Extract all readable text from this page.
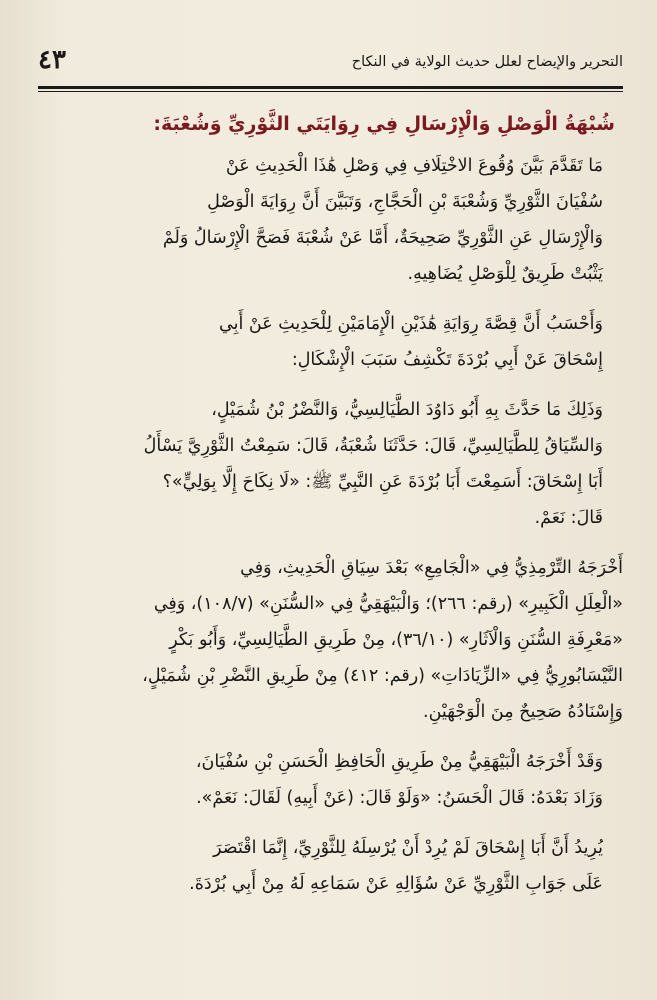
٤٣	التحرير والإيضاح لعلل حديث الولاية في النكاح
شُبْهَةُ الْوَصْلِ وَالْإِرْسَالِ فِي رِوَايَتَي الثَّوْرِيِّ وَشُعْبَةَ:

مَا تَقَدَّمَ بَيَّنَ وُقُوعَ الاخْتِلَافِ فِي وَصْلِ هَٰذَا الْحَدِيثِ عَنْ
سُفْيَانَ الثَّوْرِيِّ وَشُعْبَةَ بْنِ الْحَجَّاجِ، وَتَبَيَّنَ أَنَّ رِوَايَةَ الْوَصْلِ
وَالْإِرْسَالِ عَنِ الثَّوْرِيِّ صَحِيحَةٌ، أَمَّا عَنْ شُعْبَةَ فَصَحَّ الْإِرْسَالُ وَلَمْ
يَثْبُتْ طَرِيقٌ لِلْوَصْلِ يُضَاهِيهِ.

وَأَحْسَبُ أَنَّ قِصَّةَ رِوَايَةِ هَٰذَيْنِ الْإِمَامَيْنِ لِلْحَدِيثِ عَنْ أَبِي
إِسْحَاقَ عَنْ أَبِي بُرْدَةَ تَكْشِفُ سَبَبَ الْإِشْكَالِ:

وَذَلِكَ مَا حَدَّثَ بِهِ أَبُو دَاوُدَ الطَّيَالِسِيُّ، وَالنَّضْرُ بْنُ شُمَيْلٍ،
وَالسِّيَاقُ لِلطَّيَالِسِيِّ، قَالَ: حَدَّثَنَا شُعْبَةُ، قَالَ: سَمِعْتُ الثَّوْرِيَّ يَسْأَلُ
أَبَا إِسْحَاقَ: أَسَمِعْتَ أَبَا بُرْدَةَ عَنِ النَّبِيِّ ﷺ: «لَا نِكَاحَ إِلَّا بِوَلِيٍّ»؟
قَالَ: نَعَمْ.

أَخْرَجَهُ التِّرْمِذِيُّ فِي «الْجَامِعِ» بَعْدَ سِيَاقِ الْحَدِيثِ، وَفِي
«الْعِلَلِ الْكَبِيرِ» (رقم: ٢٦٦)؛ وَالْبَيْهَقِيُّ فِي «السُّنَنِ» (١٠٨/٧)، وَفِي
«مَعْرِفَةِ السُّنَنِ وَالْآثَارِ» (٣٦/١٠)، مِنْ طَرِيقِ الطَّيَالِسِيِّ، وَأَبُو بَكْرٍ
النَّيْسَابُورِيُّ فِي «الزِّيَادَاتِ» (رقم: ٤١٢) مِنْ طَرِيقِ النَّضْرِ بْنِ شُمَيْلٍ،
وَإِسْنَادُهُ صَحِيحٌ مِنَ الْوَجْهَيْنِ.

وَقَدْ أَخْرَجَهُ الْبَيْهَقِيُّ مِنْ طَرِيقِ الْحَافِظِ الْحَسَنِ بْنِ سُفْيَانَ،
وَزَادَ بَعْدَهُ: قَالَ الْحَسَنُ: «وَلَوْ قَالَ: (عَنْ أَبِيهِ) لَقَالَ: نَعَمْ».

يُرِيدُ أَنَّ أَبَا إِسْحَاقَ لَمْ يُرِدْ أَنْ يُرْسِلَهُ لِلثَّوْرِيِّ، إِنَّمَا اقْتَصَرَ
عَلَى جَوَابِ الثَّوْرِيِّ عَنْ سُؤَالِهِ عَنْ سَمَاعِهِ لَهُ مِنْ أَبِي بُرْدَةَ.
